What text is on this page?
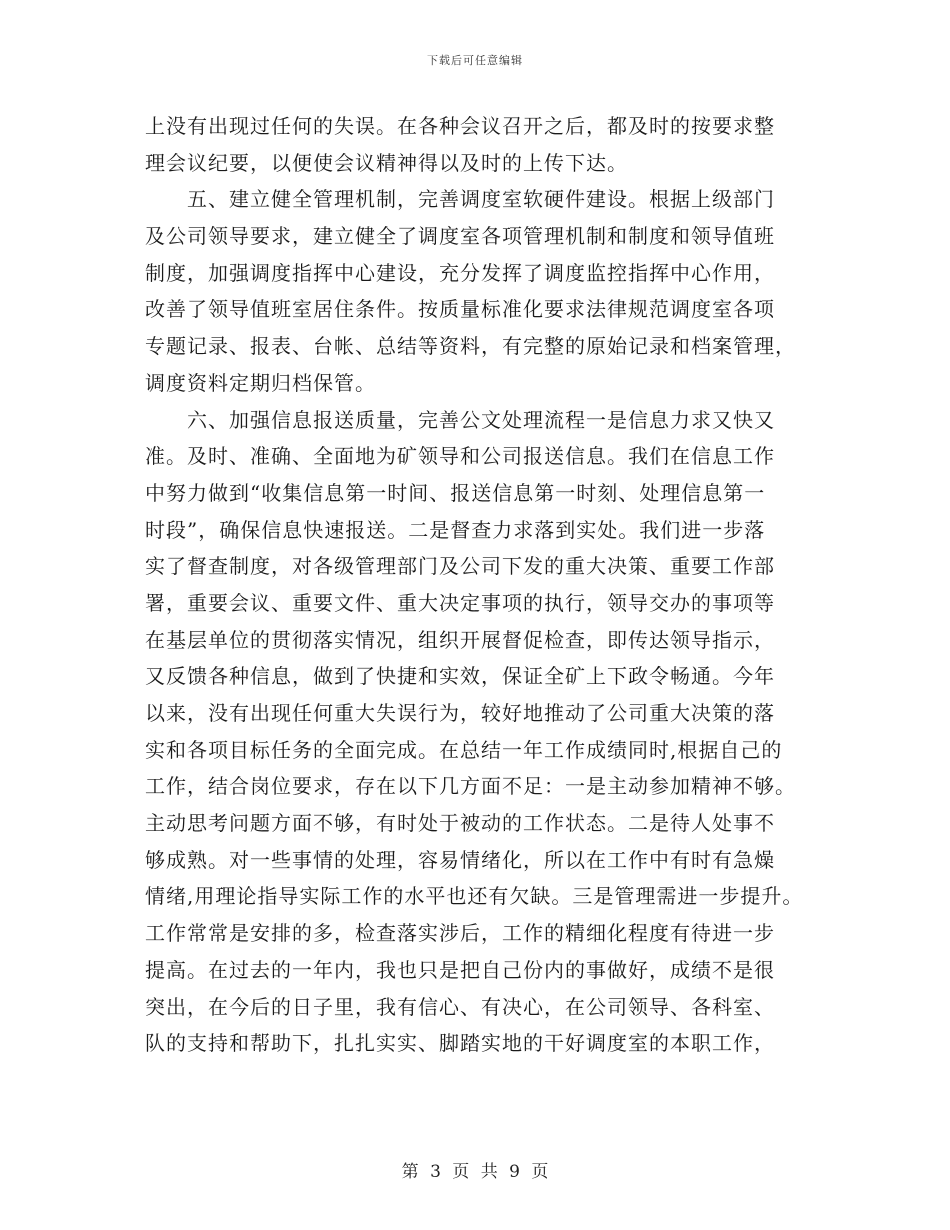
下载后可任意编辑
上没有出现过任何的失误。在各种会议召开之后，都及时的按要求整
理会议纪要，以便使会议精神得以及时的上传下达。
　　五、建立健全管理机制，完善调度室软硬件建设。根据上级部门
及公司领导要求，建立健全了调度室各项管理机制和制度和领导值班
制度，加强调度指挥中心建设，充分发挥了调度监控指挥中心作用，
改善了领导值班室居住条件。按质量标准化要求法律规范调度室各项
专题记录、报表、台帐、总结等资料，有完整的原始记录和档案管理，
调度资料定期归档保管。
　　六、加强信息报送质量，完善公文处理流程一是信息力求又快又
准。及时、准确、全面地为矿领导和公司报送信息。我们在信息工作
中努力做到“收集信息第一时间、报送信息第一时刻、处理信息第一
时段”，确保信息快速报送。二是督查力求落到实处。我们进一步落
实了督查制度，对各级管理部门及公司下发的重大决策、重要工作部
署，重要会议、重要文件、重大决定事项的执行，领导交办的事项等
在基层单位的贯彻落实情况，组织开展督促检查，即传达领导指示，
又反馈各种信息，做到了快捷和实效，保证全矿上下政令畅通。今年
以来，没有出现任何重大失误行为，较好地推动了公司重大决策的落
实和各项目标任务的全面完成。在总结一年工作成绩同时,根据自己的
工作，结合岗位要求，存在以下几方面不足：一是主动参加精神不够。
主动思考问题方面不够，有时处于被动的工作状态。二是待人处事不
够成熟。对一些事情的处理，容易情绪化，所以在工作中有时有急燥
情绪,用理论指导实际工作的水平也还有欠缺。三是管理需进一步提升。
工作常常是安排的多，检查落实涉后，工作的精细化程度有待进一步
提高。在过去的一年内，我也只是把自己份内的事做好，成绩不是很
突出，在今后的日子里，我有信心、有决心，在公司领导、各科室、
队的支持和帮助下，扎扎实实、脚踏实地的干好调度室的本职工作，
第 3 页 共 9 页
